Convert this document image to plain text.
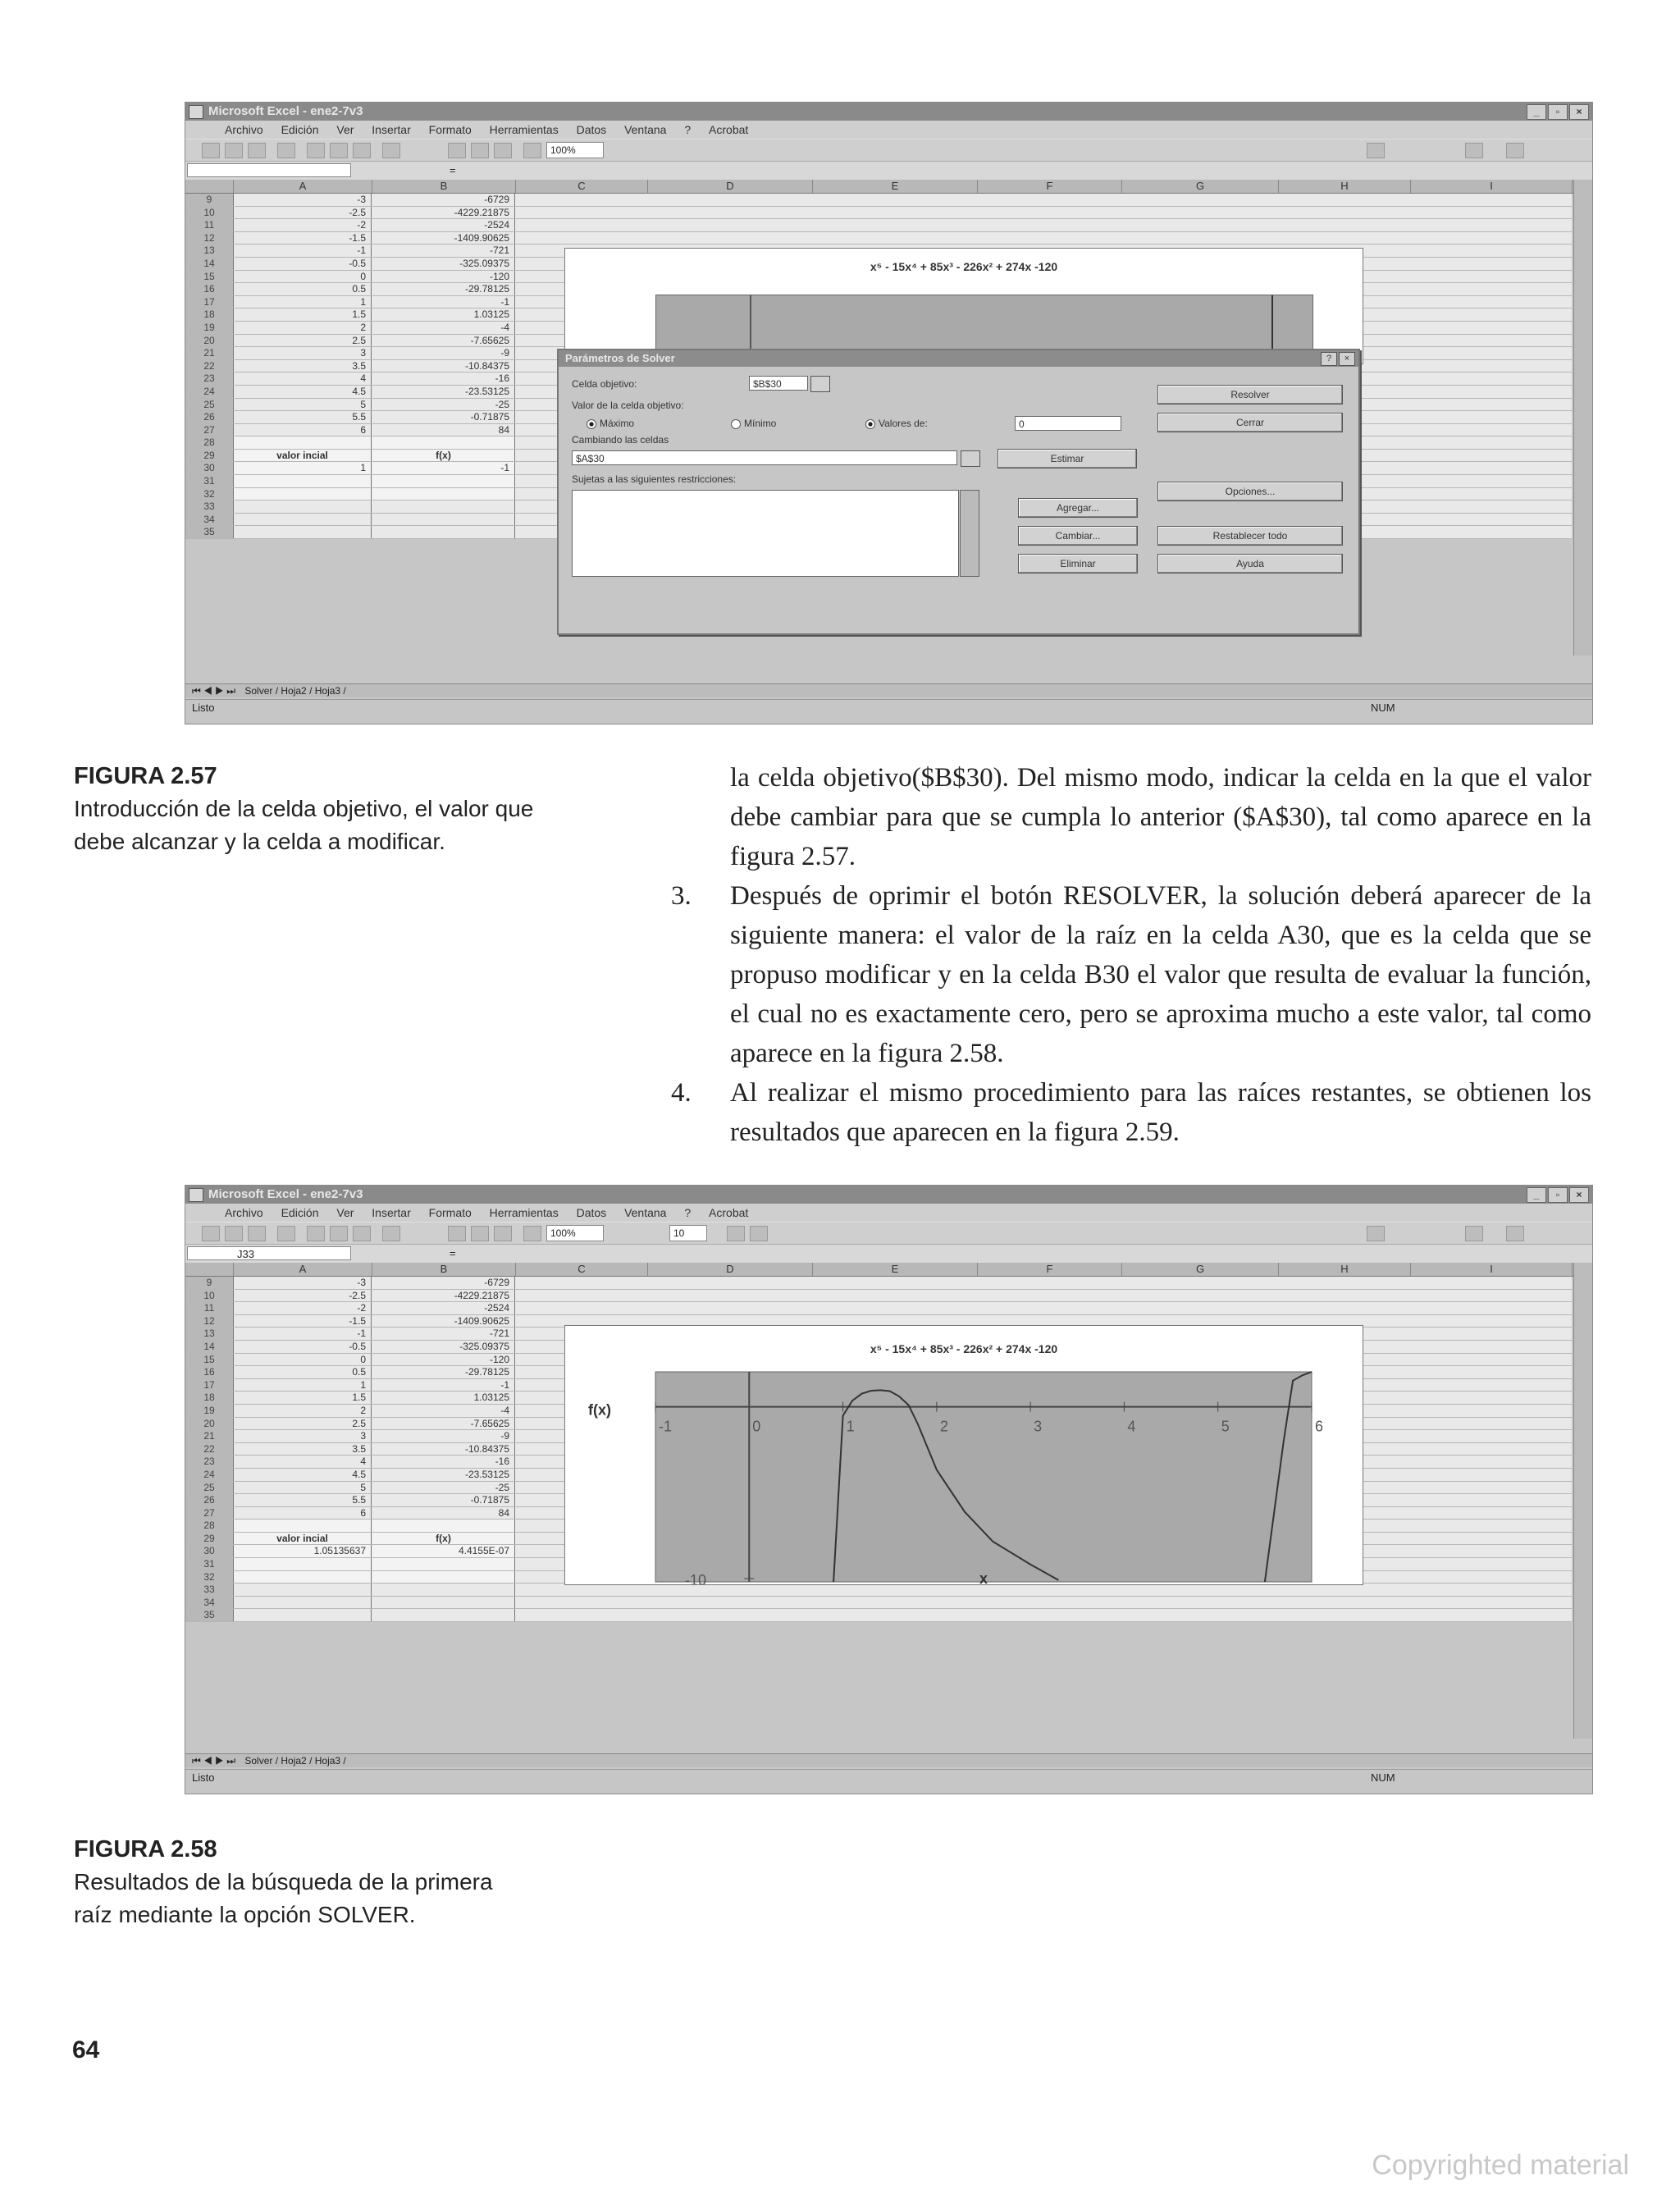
Microsoft Excel - ene2-7v3	_	▫	×
Archivo Edición Ver Insertar Formato Herramientas Datos Ventana ? Acrobat
100%
=
A	B	C	D	E	F	G	H	I
9	-3	-6729
10	-2.5	-4229.21875
11	-2	-2524
12	-1.5	-1409.90625
13	-1	-721
14	-0.5	-325.09375
15	0	-120
16	0.5	-29.78125
17	1	-1
18	1.5	1.03125
19	2	-4
20	2.5	-7.65625
21	3	-9
22	3.5	-10.84375
23	4	-16
24	4.5	-23.53125
25	5	-25
26	5.5	-0.71875
27	6	84
28
29	valor incial	f(x)
30	1	-1
31
32
33
34
35
⏮ ◀ ▶ ⏭ Solver / Hoja2 / Hoja3 /
Listo	NUM
x⁵ - 15x⁴ + 85x³ - 226x² + 274x -120
Parámetros de Solver	?	×
Celda objetivo:	$B$30
Valor de la celda objetivo:
Máximo	Mínimo	Valores de:	0
Cambiando las celdas
$A$30	Estimar
Sujetas a las siguientes restricciones:
Agregar...
Cambiar...
Eliminar
Resolver
Cerrar
Opciones...
Restablecer todo
Ayuda
FIGURA 2.57
Introducción de la celda objetivo, el valor que debe alcanzar y la celda a modificar.
la celda objetivo($B$30). Del mismo modo, indicar la celda en la que el valor debe cambiar para que se cumpla lo anterior ($A$30), tal como aparece en la figura 2.57.
3. Después de oprimir el botón RESOLVER, la solución deberá aparecer de la siguiente manera: el valor de la raíz en la celda A30, que es la celda que se propuso modificar y en la celda B30 el valor que resulta de evaluar la función, el cual no es exactamente cero, pero se aproxima mucho a este valor, tal como aparece en la figura 2.58.
4. Al realizar el mismo procedimiento para las raíces restantes, se obtienen los resultados que aparecen en la figura 2.59.
Microsoft Excel - ene2-7v3	_	▫	×
Archivo Edición Ver Insertar Formato Herramientas Datos Ventana ? Acrobat
100%	10
J33	=
A	B	C	D	E	F	G	H	I
9	-3	-6729
10	-2.5	-4229.21875
11	-2	-2524
12	-1.5	-1409.90625
13	-1	-721
14	-0.5	-325.09375
15	0	-120
16	0.5	-29.78125
17	1	-1
18	1.5	1.03125
19	2	-4
20	2.5	-7.65625
21	3	-9
22	3.5	-10.84375
23	4	-16
24	4.5	-23.53125
25	5	-25
26	5.5	-0.71875
27	6	84
28
29	valor incial	f(x)
30	1.05135637	4.4155E-07
31
32
33
34
35
⏮ ◀ ▶ ⏭ Solver / Hoja2 / Hoja3 /
Listo	NUM
x⁵ - 15x⁴ + 85x³ - 226x² + 274x -120
-1	0	1	2	3	4	5	6
-10
f(x)
x
FIGURA 2.58
Resultados de la búsqueda de la primera raíz mediante la opción SOLVER.
64
Copyrighted material
